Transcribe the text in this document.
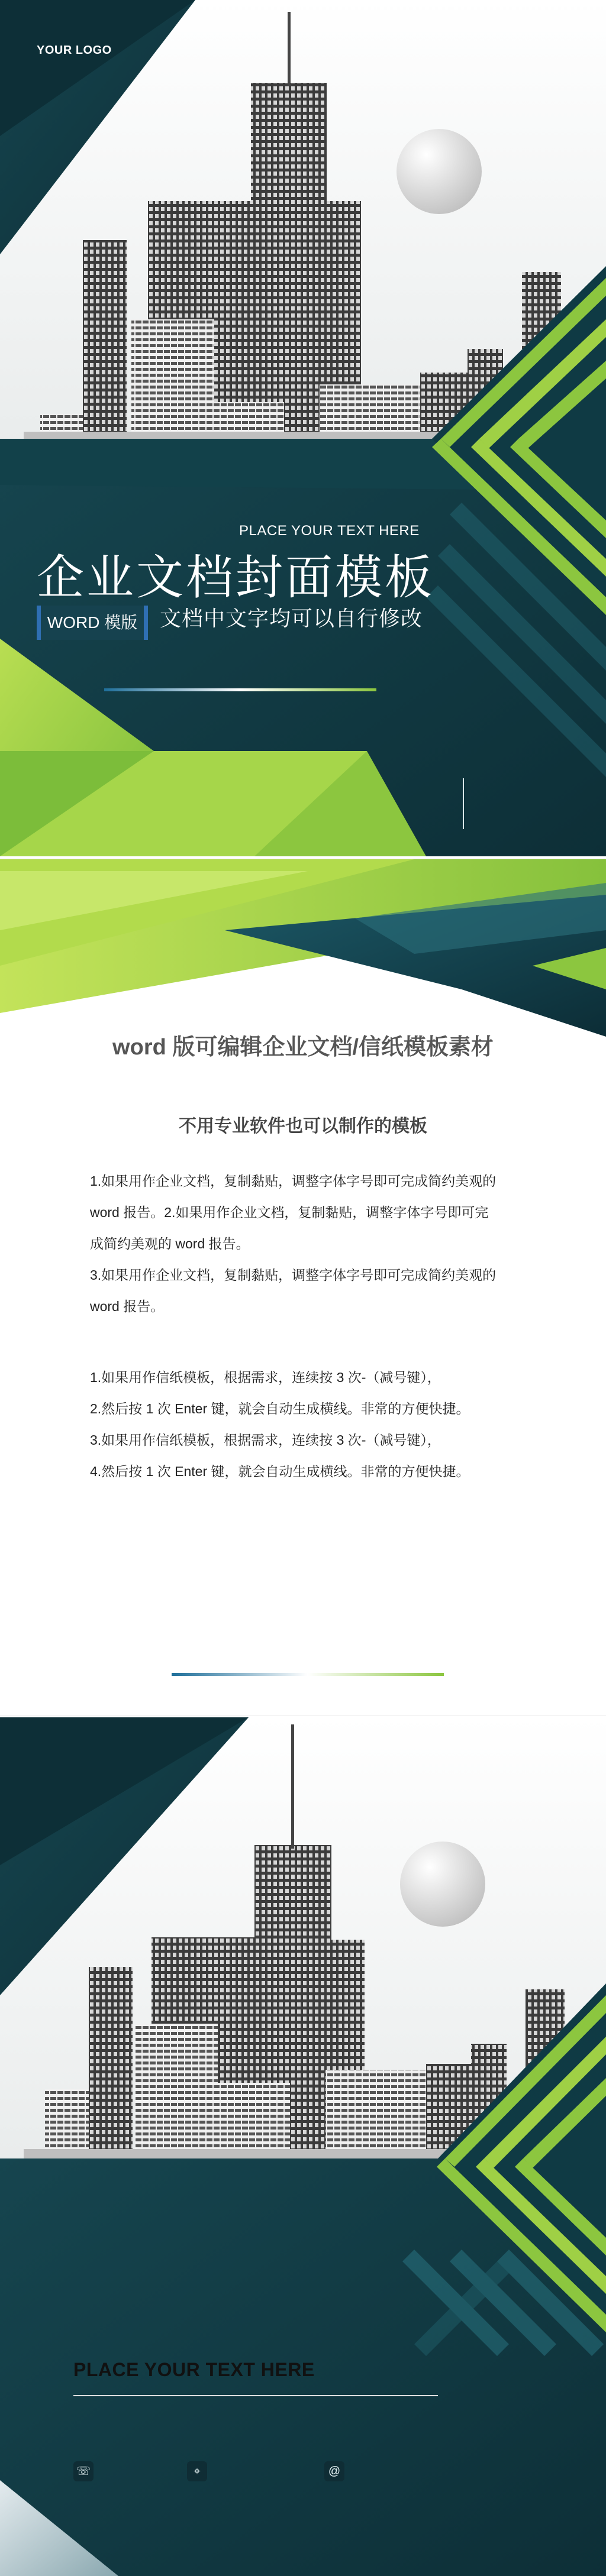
YOUR LOGO
PLACE YOUR TEXT HERE
企业文档封面模板
WORD 模版	文档中文字均可以自行修改
word 版可编辑企业文档/信纸模板素材
不用专业软件也可以制作的模板
1.如果用作企业文档，复制黏贴，调整字体字号即可完成简约美观的
word 报告。2.如果用作企业文档，复制黏贴，调整字体字号即可完
成简约美观的 word 报告。
3.如果用作企业文档，复制黏贴，调整字体字号即可完成简约美观的
word 报告。
1.如果用作信纸模板，根据需求，连续按 3 次-（减号键），
2.然后按 1 次 Enter 键，就会自动生成横线。非常的方便快捷。
3.如果用作信纸模板，根据需求，连续按 3 次-（减号键），
4.然后按 1 次 Enter 键，就会自动生成横线。非常的方便快捷。
PLACE YOUR TEXT HERE
☏	⌖	@
